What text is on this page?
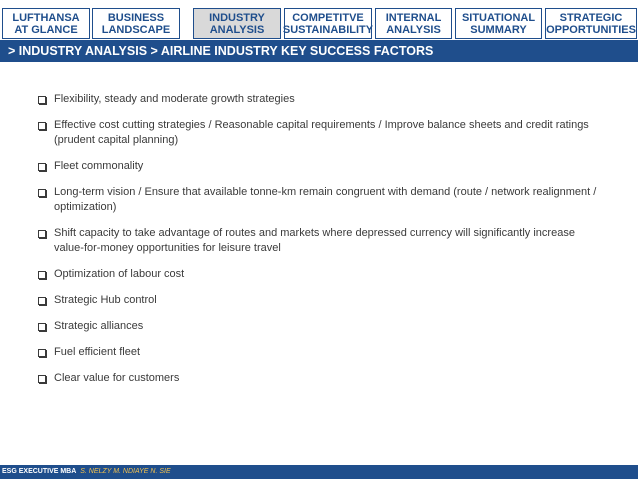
LUFTHANSA
AT GLANCE
BUSINESS
LANDSCAPE
INDUSTRY
ANALYSIS
COMPETITVE
SUSTAINABILITY
INTERNAL
ANALYSIS
SITUATIONAL
SUMMARY
STRATEGIC
OPPORTUNITIES
> INDUSTRY ANALYSIS > AIRLINE INDUSTRY KEY SUCCESS FACTORS
Flexibility, steady and moderate growth strategies
Effective cost cutting strategies / Reasonable capital requirements / Improve balance sheets and credit ratings (prudent capital planning)
Fleet commonality
Long-term vision / Ensure that available tonne-km remain congruent with demand (route / network realignment / optimization)
Shift capacity to take advantage of routes and markets where depressed currency will significantly increase value-for-money opportunities for leisure travel
Optimization of labour cost
Strategic Hub control
Strategic alliances
Fuel efficient fleet
Clear value for customers
ESG EXECUTIVE MBA S. NELZY M. NDIAYE N. SIE
